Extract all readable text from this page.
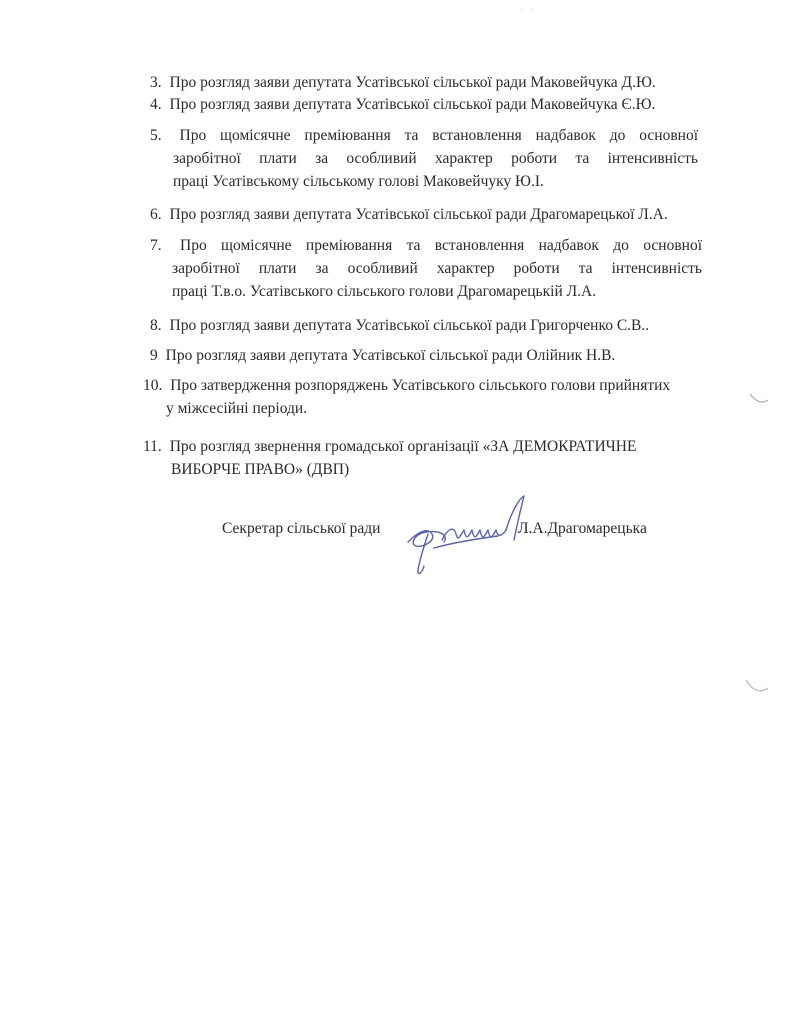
· ·
3. Про розгляд заяви депутата Усатівської сільської ради Маковейчука Д.Ю.
4. Про розгляд заяви депутата Усатівської сільської ради Маковейчука Є.Ю.
5. Про щомісячне преміювання та встановлення надбавок до основної
заробітної плати за особливий характер роботи та інтенсивність
праці Усатівському сільському голові Маковейчуку Ю.І.
6. Про розгляд заяви депутата Усатівської сільської ради Драгомарецької Л.А.
7. Про щомісячне преміювання та встановлення надбавок до основної
заробітної плати за особливий характер роботи та інтенсивність
праці Т.в.о. Усатівського сільського голови Драгомарецькій Л.А.
8. Про розгляд заяви депутата Усатівської сільської ради Григорченко С.В..
9 Про розгляд заяви депутата Усатівської сільської ради Олійник Н.В.
10. Про затвердження розпоряджень Усатівського сільського голови прийнятих
у міжсесійні періоди.
11. Про розгляд звернення громадської організації «ЗА ДЕМОКРАТИЧНЕ
ВИБОРЧЕ ПРАВО» (ДВП)
Секретар сільської ради	Л.А.Драгомарецька
